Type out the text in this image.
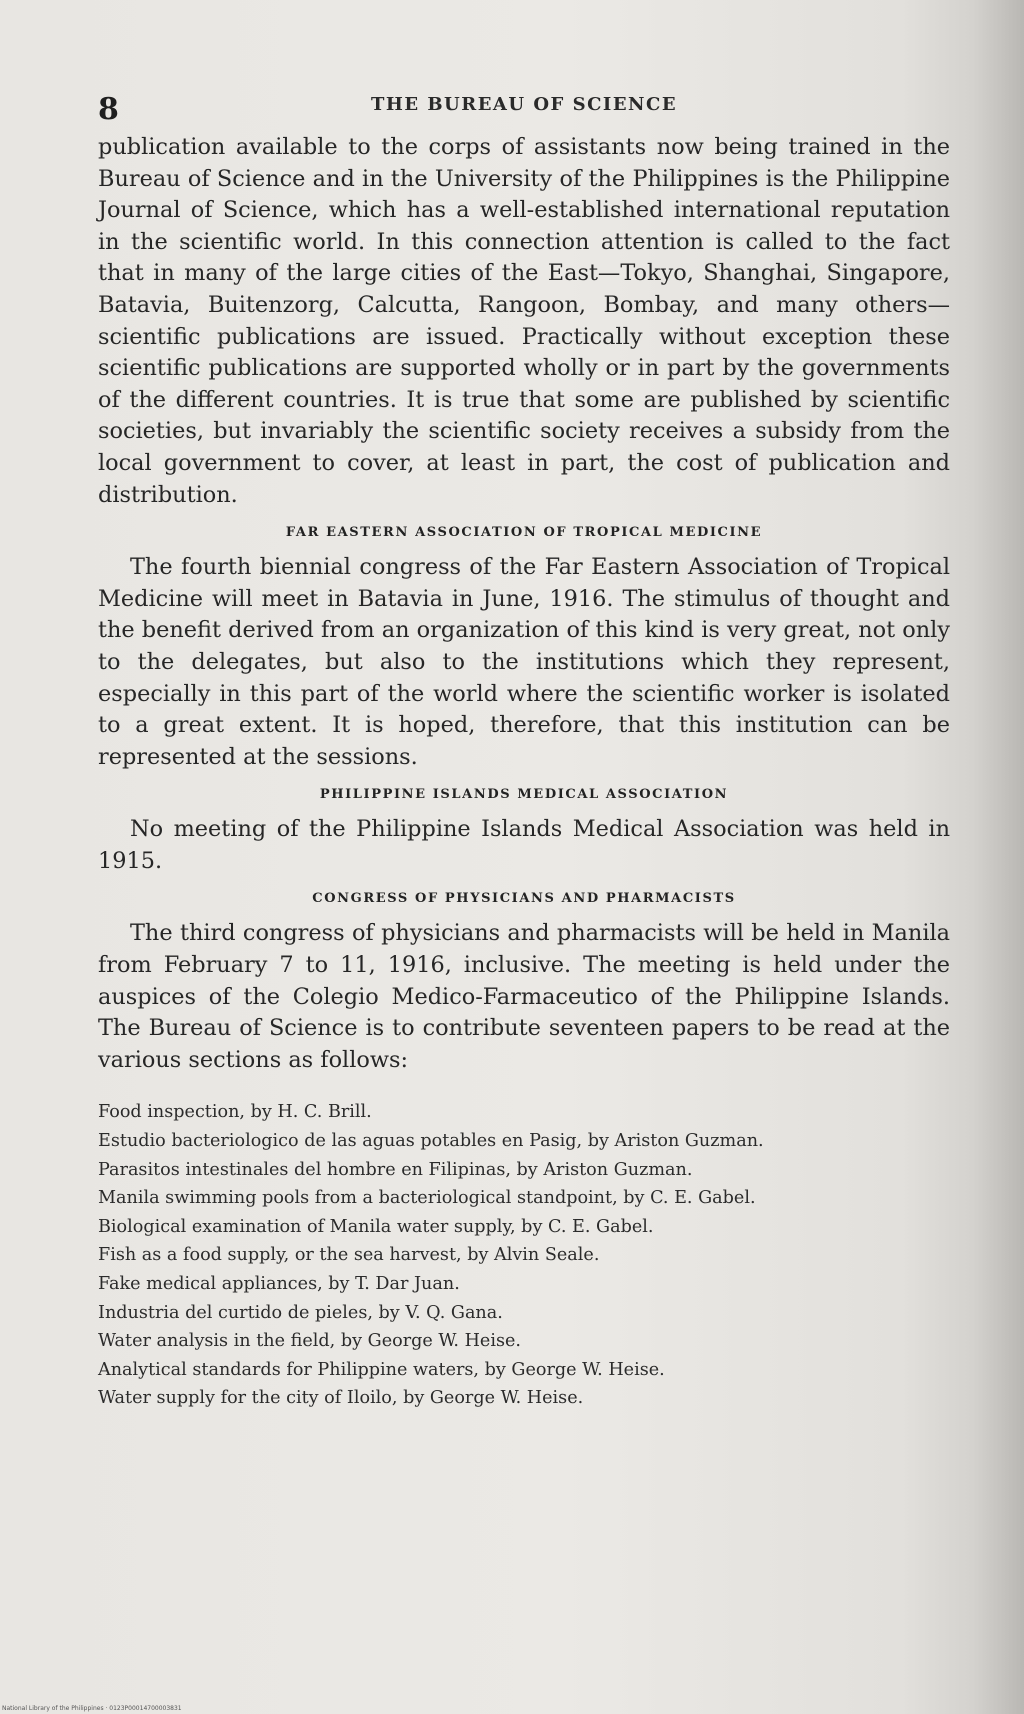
8	THE BUREAU OF SCIENCE

publication available to the corps of assistants now being trained in the Bureau of Science and in the University of the Philippines is the Philippine Journal of Science, which has a well-established international reputation in the scientific world. In this connection attention is called to the fact that in many of the large cities of the East—Tokyo, Shanghai, Singapore, Batavia, Buitenzorg, Calcutta, Rangoon, Bombay, and many others—scientific publications are issued. Practically without exception these scientific publications are supported wholly or in part by the governments of the different countries. It is true that some are published by scientific societies, but invariably the scientific society receives a subsidy from the local government to cover, at least in part, the cost of publication and distribution.

FAR EASTERN ASSOCIATION OF TROPICAL MEDICINE

The fourth biennial congress of the Far Eastern Association of Tropical Medicine will meet in Batavia in June, 1916. The stimulus of thought and the benefit derived from an organization of this kind is very great, not only to the delegates, but also to the institutions which they represent, especially in this part of the world where the scientific worker is isolated to a great extent. It is hoped, therefore, that this institution can be represented at the sessions.

PHILIPPINE ISLANDS MEDICAL ASSOCIATION

No meeting of the Philippine Islands Medical Association was held in 1915.

CONGRESS OF PHYSICIANS AND PHARMACISTS

The third congress of physicians and pharmacists will be held in Manila from February 7 to 11, 1916, inclusive. The meeting is held under the auspices of the Colegio Medico-Farmaceutico of the Philippine Islands. The Bureau of Science is to contribute seventeen papers to be read at the various sections as follows:

Food inspection, by H. C. Brill.
Estudio bacteriologico de las aguas potables en Pasig, by Ariston Guzman.
Parasitos intestinales del hombre en Filipinas, by Ariston Guzman.
Manila swimming pools from a bacteriological standpoint, by C. E. Gabel.
Biological examination of Manila water supply, by C. E. Gabel.
Fish as a food supply, or the sea harvest, by Alvin Seale.
Fake medical appliances, by T. Dar Juan.
Industria del curtido de pieles, by V. Q. Gana.
Water analysis in the field, by George W. Heise.
Analytical standards for Philippine waters, by George W. Heise.
Water supply for the city of Iloilo, by George W. Heise.
National Library of the Philippines · 0123P00014700003831
